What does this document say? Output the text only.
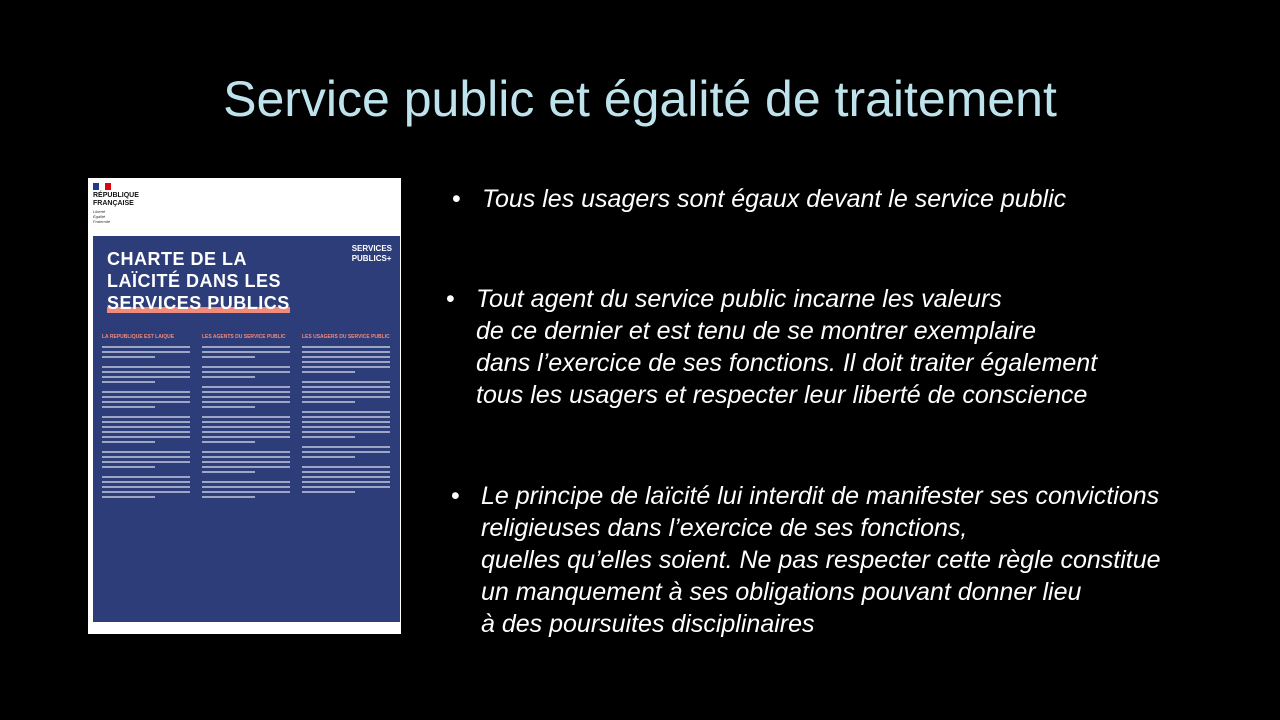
Service public et égalité de traitement
RÉPUBLIQUE
FRANÇAISE
Liberté
Égalité
Fraternité
CHARTE DE LA
LAÏCITÉ DANS LES
SERVICES PUBLICS
SERVICES
PUBLICS+
LA RÉPUBLIQUE EST LAÏQUE	LES AGENTS DU SERVICE PUBLIC	LES USAGERS DU SERVICE PUBLIC
• Tous les usagers sont égaux devant le service public
• Tout agent du service public incarne les valeurs
de ce dernier et est tenu de se montrer exemplaire
dans l’exercice de ses fonctions. Il doit traiter également
tous les usagers et respecter leur liberté de conscience
• Le principe de laïcité lui interdit de manifester ses convictions
religieuses dans l’exercice de ses fonctions,
quelles qu’elles soient. Ne pas respecter cette règle constitue
un manquement à ses obligations pouvant donner lieu
à des poursuites disciplinaires
